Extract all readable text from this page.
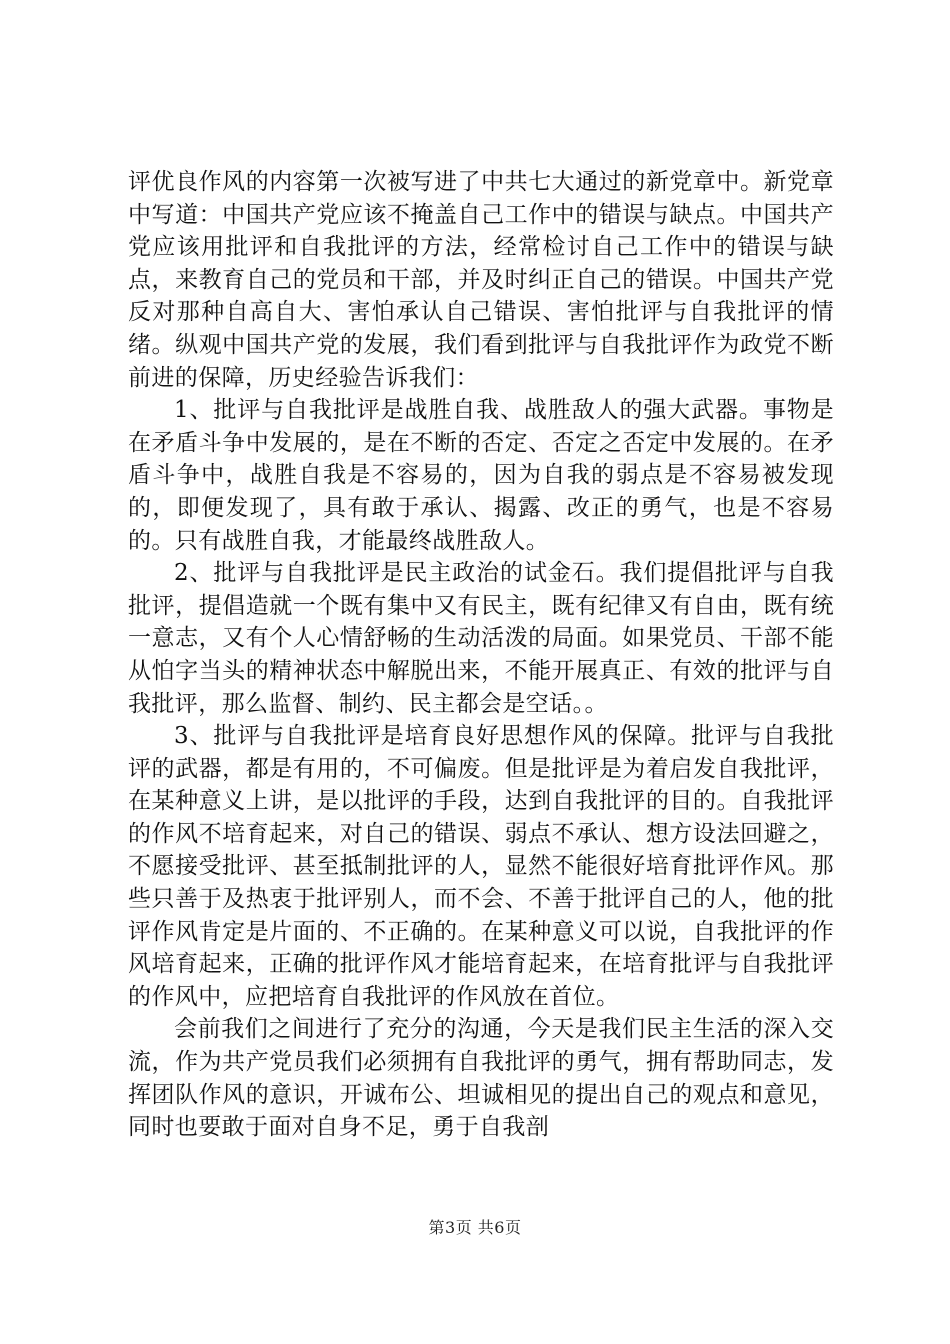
评优良作风的内容第一次被写进了中共七大通过的新党章中。新党章中写道：中国共产党应该不掩盖自己工作中的错误与缺点。中国共产党应该用批评和自我批评的方法，经常检讨自己工作中的错误与缺点，来教育自己的党员和干部，并及时纠正自己的错误。中国共产党反对那种自高自大、害怕承认自己错误、害怕批评与自我批评的情绪。纵观中国共产党的发展，我们看到批评与自我批评作为政党不断前进的保障，历史经验告诉我们：

1、批评与自我批评是战胜自我、战胜敌人的强大武器。事物是在矛盾斗争中发展的，是在不断的否定、否定之否定中发展的。在矛盾斗争中，战胜自我是不容易的，因为自我的弱点是不容易被发现的，即便发现了，具有敢于承认、揭露、改正的勇气，也是不容易的。只有战胜自我，才能最终战胜敌人。

2、批评与自我批评是民主政治的试金石。我们提倡批评与自我批评，提倡造就一个既有集中又有民主，既有纪律又有自由，既有统一意志，又有个人心情舒畅的生动活泼的局面。如果党员、干部不能从怕字当头的精神状态中解脱出来，不能开展真正、有效的批评与自我批评，那么监督、制约、民主都会是空话。。

3、批评与自我批评是培育良好思想作风的保障。批评与自我批评的武器，都是有用的，不可偏废。但是批评是为着启发自我批评，在某种意义上讲，是以批评的手段，达到自我批评的目的。自我批评的作风不培育起来，对自己的错误、弱点不承认、想方设法回避之，不愿接受批评、甚至抵制批评的人，显然不能很好培育批评作风。那些只善于及热衷于批评别人，而不会、不善于批评自己的人，他的批评作风肯定是片面的、不正确的。在某种意义可以说，自我批评的作风培育起来，正确的批评作风才能培育起来，在培育批评与自我批评的作风中，应把培育自我批评的作风放在首位。

会前我们之间进行了充分的沟通，今天是我们民主生活的深入交流，作为共产党员我们必须拥有自我批评的勇气，拥有帮助同志，发挥团队作风的意识，开诚布公、坦诚相见的提出自己的观点和意见，同时也要敢于面对自身不足，勇于自我剖

第3页 共6页
